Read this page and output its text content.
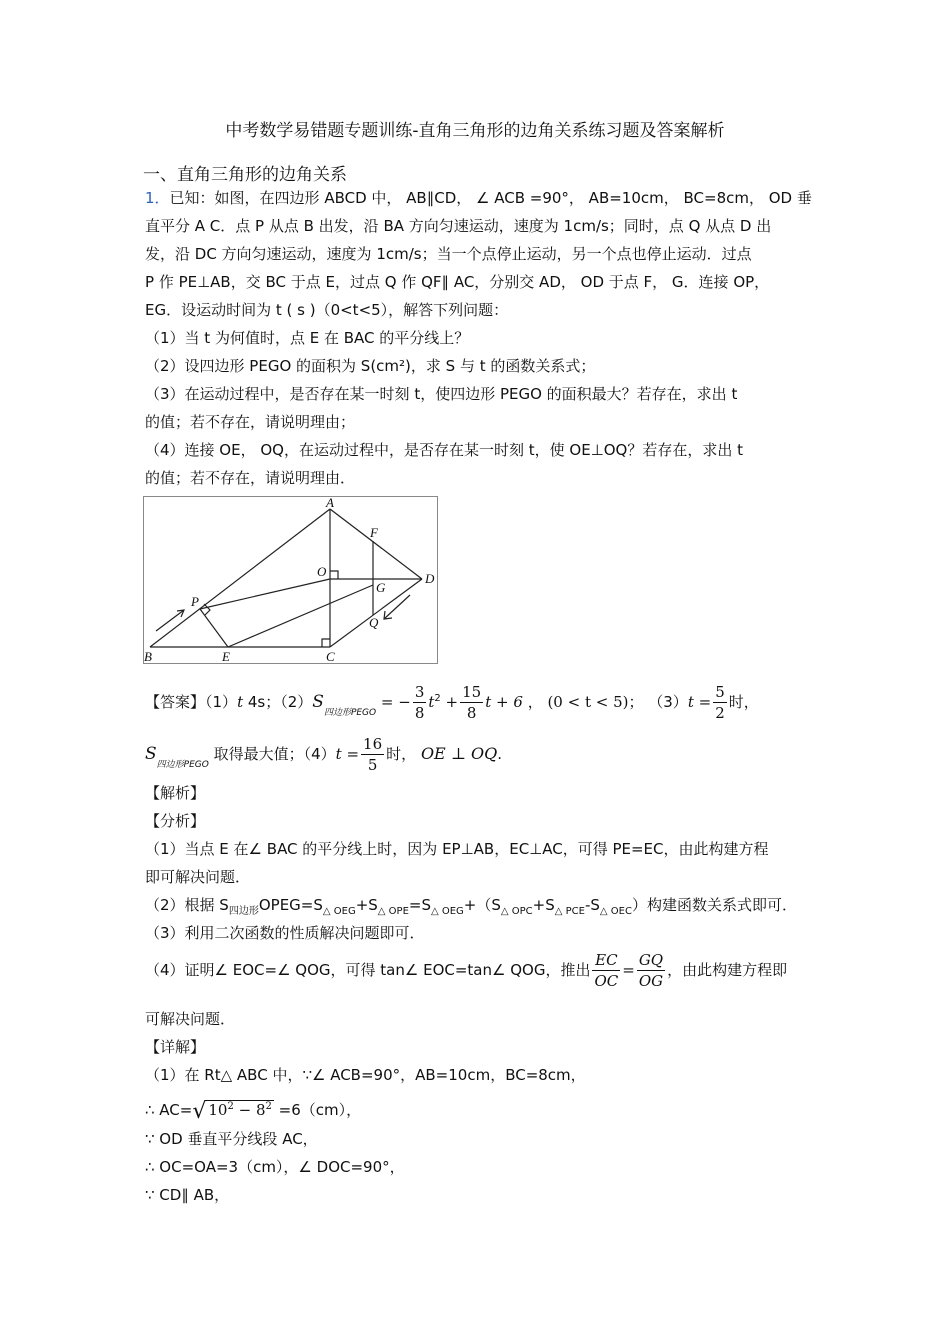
中考数学易错题专题训练-直角三角形的边角关系练习题及答案解析
一、直角三角形的边角关系
1．已知：如图，在四边形 ABCD 中， AB∥CD， ∠ ACB =90°， AB=10cm， BC=8cm， OD 垂
直平分 A C．点 P 从点 B 出发，沿 BA 方向匀速运动，速度为 1cm/s；同时，点 Q 从点 D 出
发，沿 DC 方向匀速运动，速度为 1cm/s；当一个点停止运动，另一个点也停止运动．过点
P 作 PE⊥AB，交 BC 于点 E，过点 Q 作 QF∥ AC，分别交 AD， OD 于点 F， G．连接 OP，
EG．设运动时间为 t ( s )（0<t<5），解答下列问题：
（1）当 t 为何值时，点 E 在 BAC 的平分线上？
（2）设四边形 PEGO 的面积为 S(cm²)，求 S 与 t 的函数关系式；
（3）在运动过程中，是否存在某一时刻 t，使四边形 PEGO 的面积最大？若存在，求出 t
的值；若不存在，请说明理由；
（4）连接 OE， OQ，在运动过程中，是否存在某一时刻 t，使 OE⊥OQ？若存在，求出 t
的值；若不存在，请说明理由．
A
B	C
D
O
F
G
P
Q
E
【答案】（1）t 4s；$(2)S_{四边形PEGO}$ = − $\frac{3}{8} t^2 + \frac{15}{8}$ t + 6 ， (0 < t < 5)； $(3)t = \frac{5}{2}$ 时，
$S_{四边形PEGO}$ 取得最大值；$(4)t = \frac{16}{5}$ 时， OE ⊥ OQ.
【解析】
【分析】
（1）当点 E 在∠ BAC 的平分线上时，因为 EP⊥AB，EC⊥AC，可得 PE=EC，由此构建方程
即可解决问题．
（2）根据 $S_{四边形}OPEG=S_{\triangle OEG}+S_{\triangle OPE}=S_{\triangle OEG}+(S_{\triangle OPC}+S_{\triangle PCE}-S_{\triangle OEC})$构建函数关系式即可．
（3）利用二次函数的性质解决问题即可．
（4）证明∠ EOC=∠ QOG，可得 tan∠ EOC=tan∠ QOG，推出 $\frac{EC}{OC} = \frac{GQ}{OG}$ ，由此构建方程即
可解决问题．
【详解】
（1）在 Rt△ ABC 中，∵∠ ACB=90°，AB=10cm，BC=8cm，
∴ AC=√ $10^2 - 8^2 =6(cm)$，
∵ OD 垂直平分线段 AC，
∴ OC=OA=3（cm），∠ DOC=90°，
∵ CD∥ AB，
